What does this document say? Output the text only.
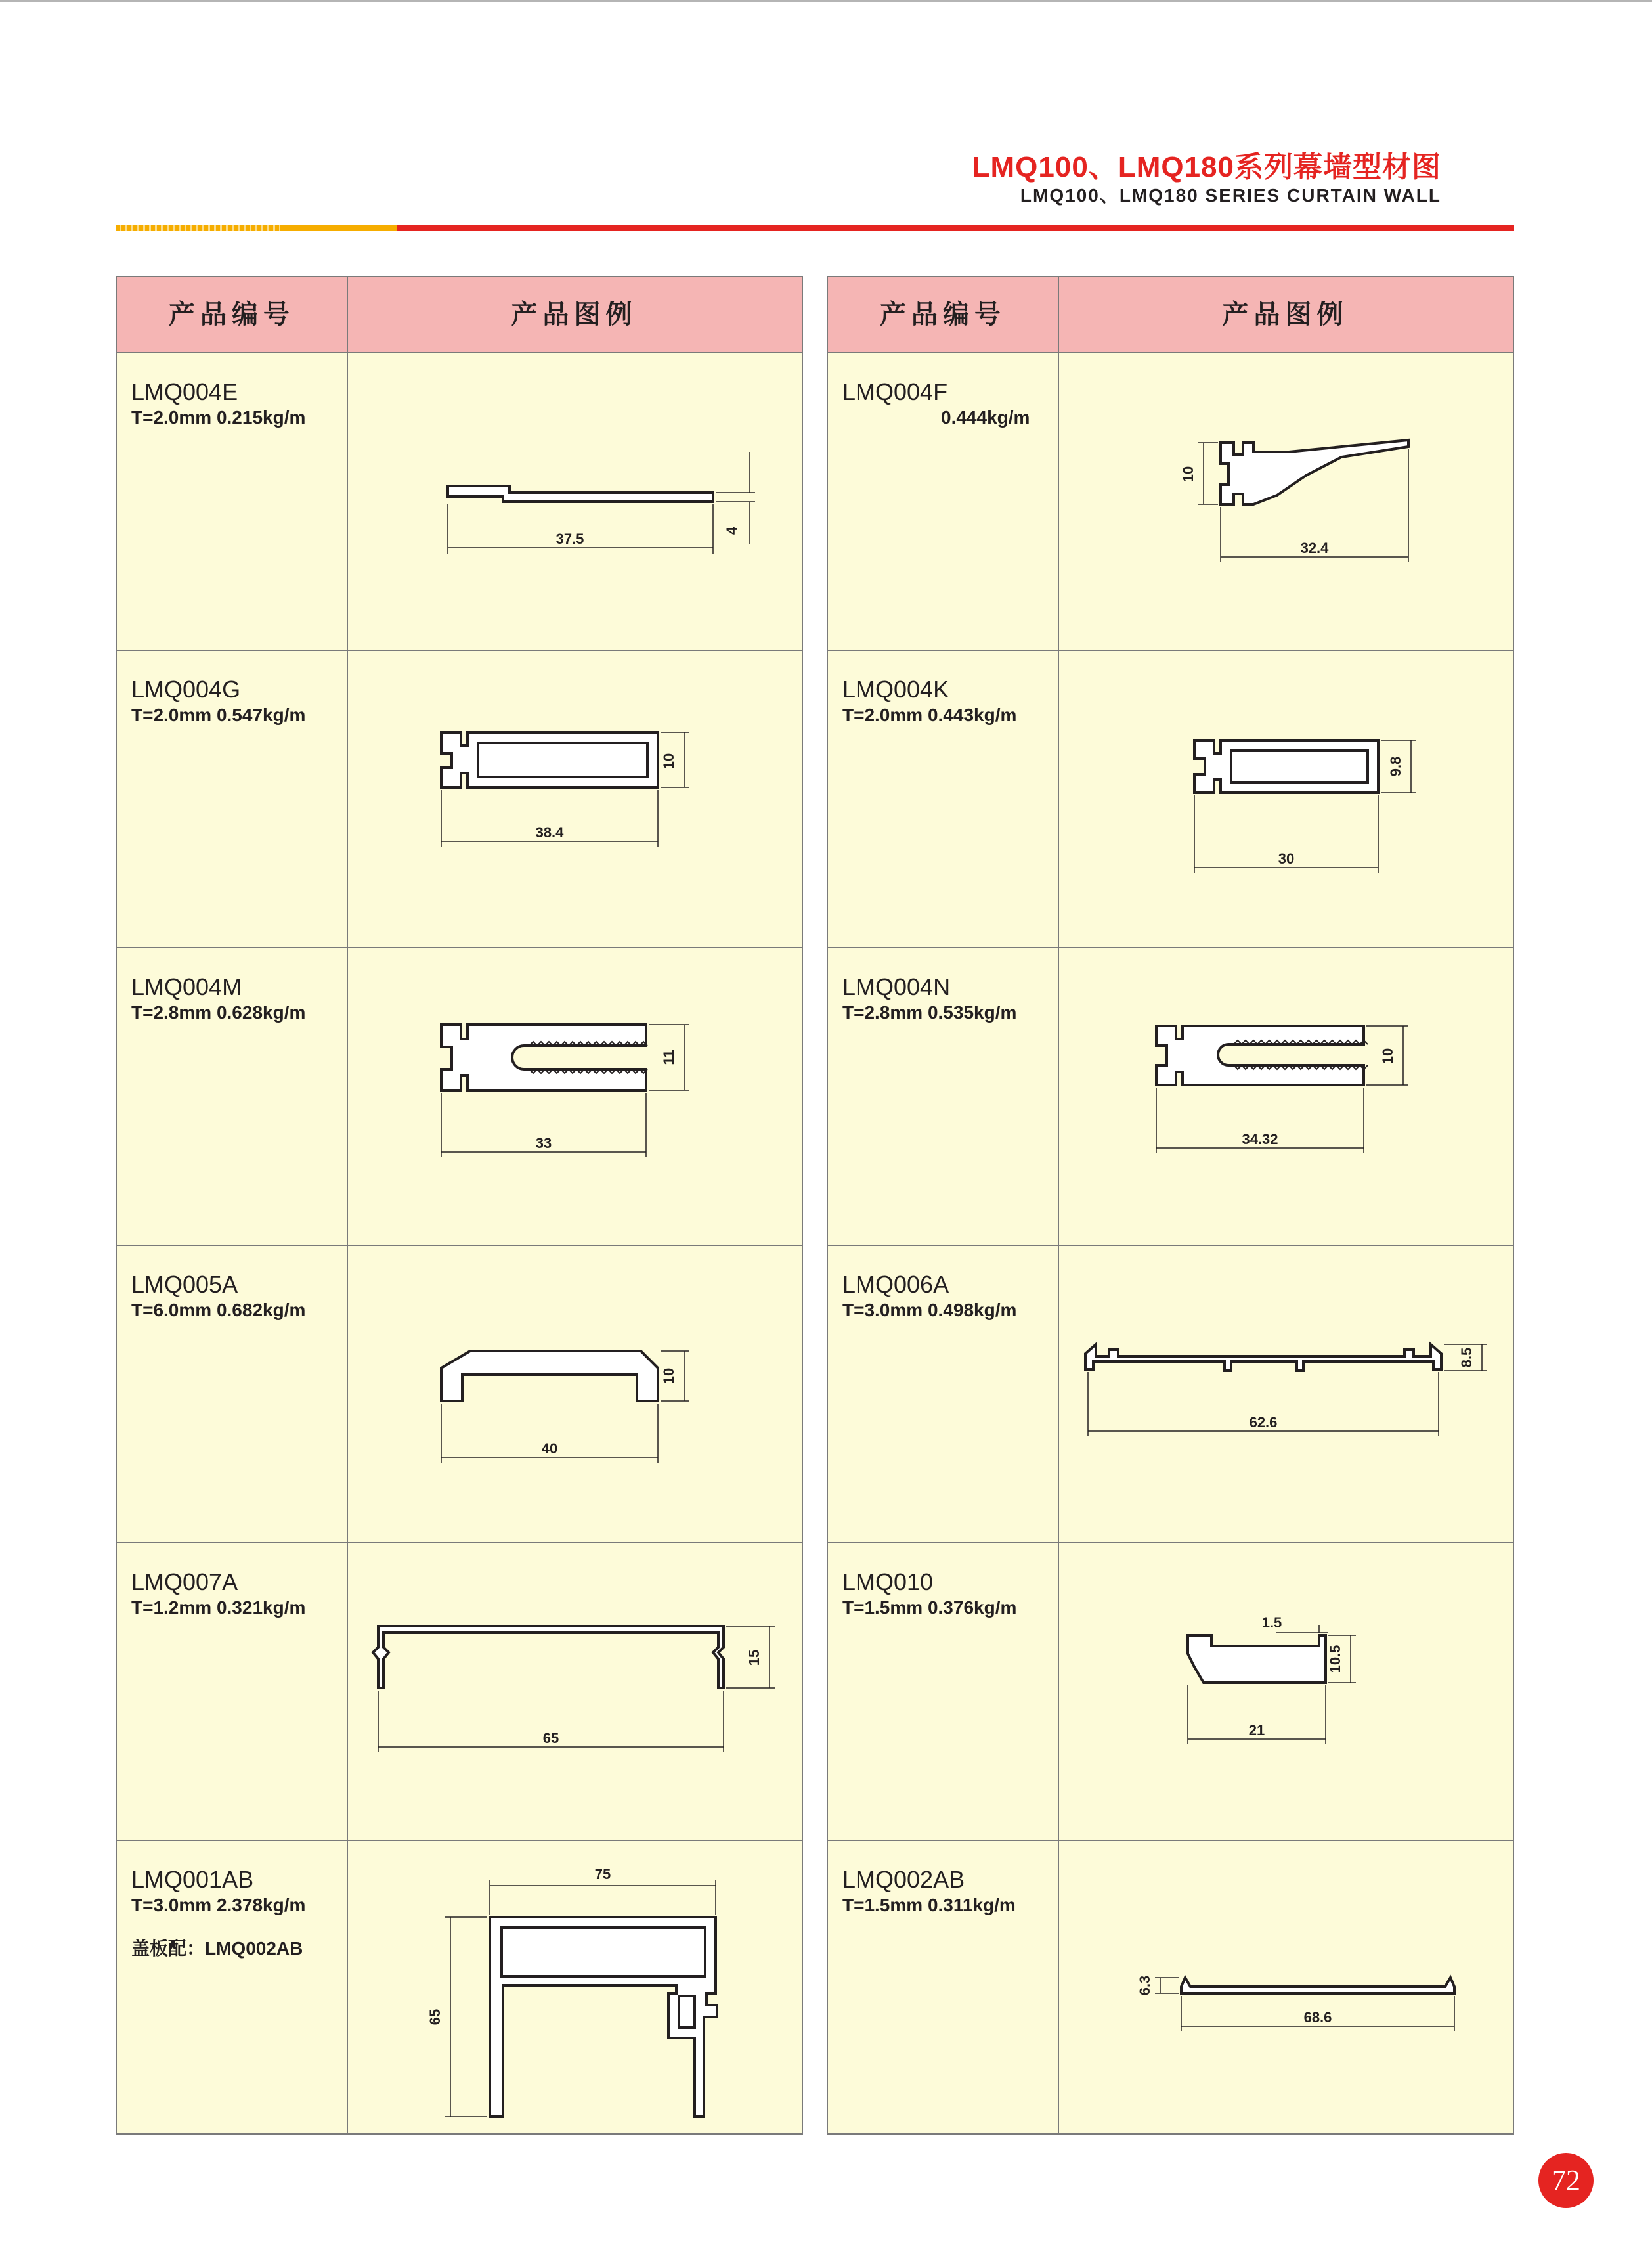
LMQ100、LMQ180系列幕墙型材图
LMQ100、LMQ180 SERIES CURTAIN WALL
产品编号	产品图例
LMQ004E
T=2.0mm 0.215kg/m
37.5	4
LMQ004G
T=2.0mm 0.547kg/m
38.4
10
LMQ004M
T=2.8mm 0.628kg/m
33
11
LMQ005A
T=6.0mm 0.682kg/m
40
10
LMQ007A
T=1.2mm 0.321kg/m
65
15
LMQ001AB
T=3.0mm 2.378kg/m
盖板配：LMQ002AB
75
65
产品编号	产品图例
LMQ004F
0.444kg/m
32.4
10
LMQ004K
T=2.0mm 0.443kg/m
30
9.8
LMQ004N
T=2.8mm 0.535kg/m
34.32
10
LMQ006A
T=3.0mm 0.498kg/m
62.6
8.5
LMQ010
T=1.5mm 0.376kg/m
21
10.5
1.5
LMQ002AB
T=1.5mm 0.311kg/m
68.6
6.3
72
